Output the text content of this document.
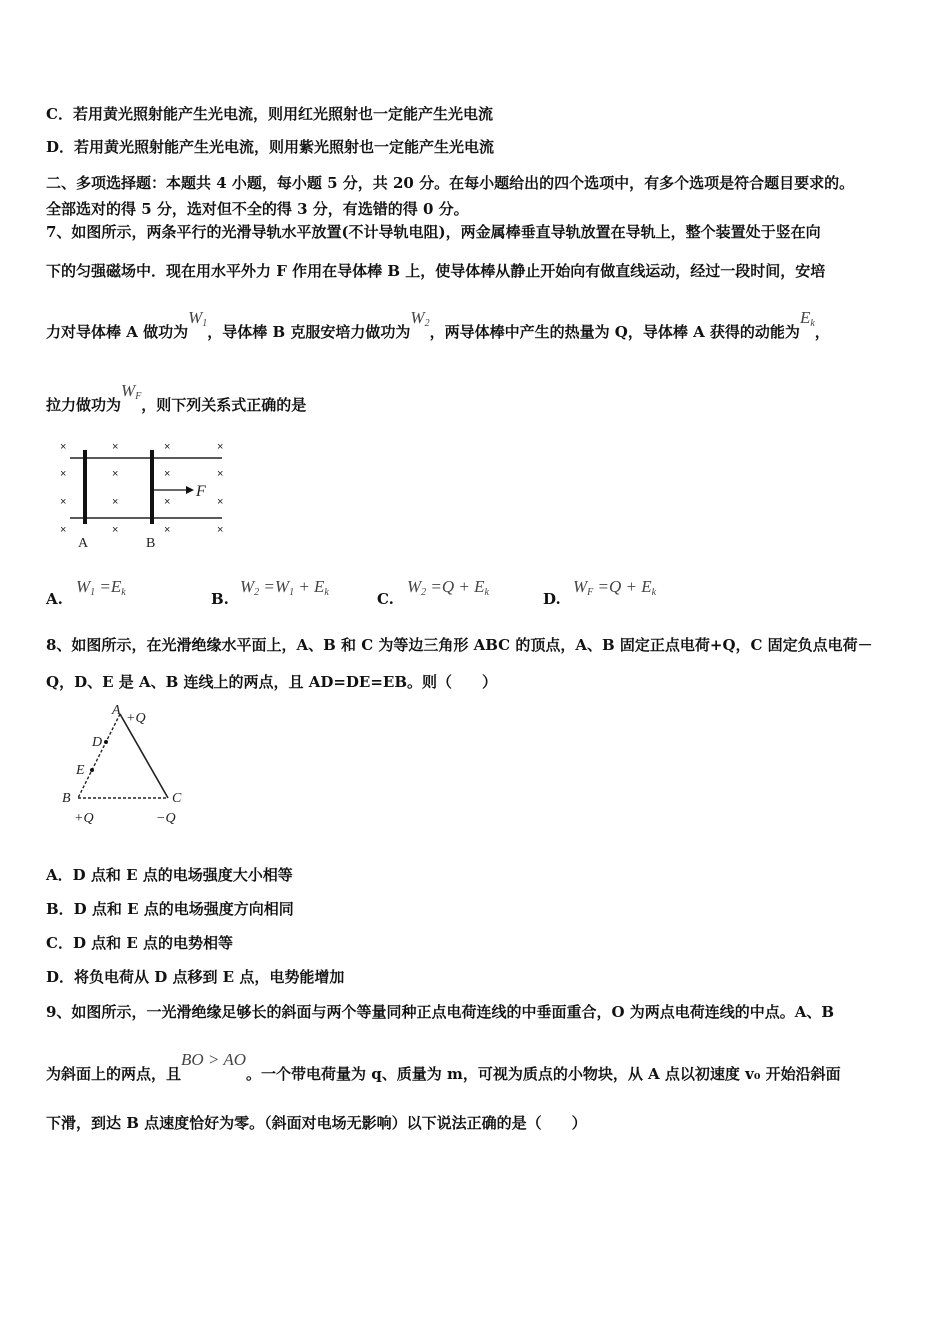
C．若用黄光照射能产生光电流，则用红光照射也一定能产生光电流
D．若用黄光照射能产生光电流，则用紫光照射也一定能产生光电流
二、多项选择题：本题共 4 小题，每小题 5 分，共 20 分。在每小题给出的四个选项中，有多个选项是符合题目要求的。
全部选对的得 5 分，选对但不全的得 3 分，有选错的得 0 分。
7、如图所示，两条平行的光滑导轨水平放置(不计导轨电阻)，两金属棒垂直导轨放置在导轨上，整个装置处于竖在向
下的匀强磁场中．现在用水平外力 F 作用在导体棒 B 上，使导体棒从静止开始向有做直线运动，经过一段时间，安培
力对导体棒 A 做功为$W_1$，导体棒 B 克服安培力做功为$W_2$，两导体棒中产生的热量为 Q，导体棒 A 获得的动能为$E_k$，
拉力做功为$W_F$，则下列关系式正确的是
×	×	×	×
×	×	×	×
×	×	×	×
×	×	×	×
F
A	B
A.
$W_1 =E_k$	B.
$W_2 =W_1 + E_k$	C.
$W_2 =Q + E_k$	D.
$W_F =Q + E_k$
8、如图所示，在光滑绝缘水平面上，A、B 和 C 为等边三角形 ABC 的顶点，A、B 固定正点电荷+Q，C 固定负点电荷－
Q，D、E 是 A、B 连线上的两点，且 AD=DE=EB。则（　　）
A
+Q
D
E
B	C
+Q	−Q
A．D 点和 E 点的电场强度大小相等
B．D 点和 E 点的电场强度方向相同
C．D 点和 E 点的电势相等
D．将负电荷从 D 点移到 E 点，电势能增加
9、如图所示，一光滑绝缘足够长的斜面与两个等量同种正点电荷连线的中垂面重合，O 为两点电荷连线的中点。A、B
为斜面上的两点，且BO > AO。一个带电荷量为 q、质量为 m，可视为质点的小物块，从 A 点以初速度 v₀ 开始沿斜面
下滑，到达 B 点速度恰好为零。（斜面对电场无影响）以下说法正确的是（　　）
